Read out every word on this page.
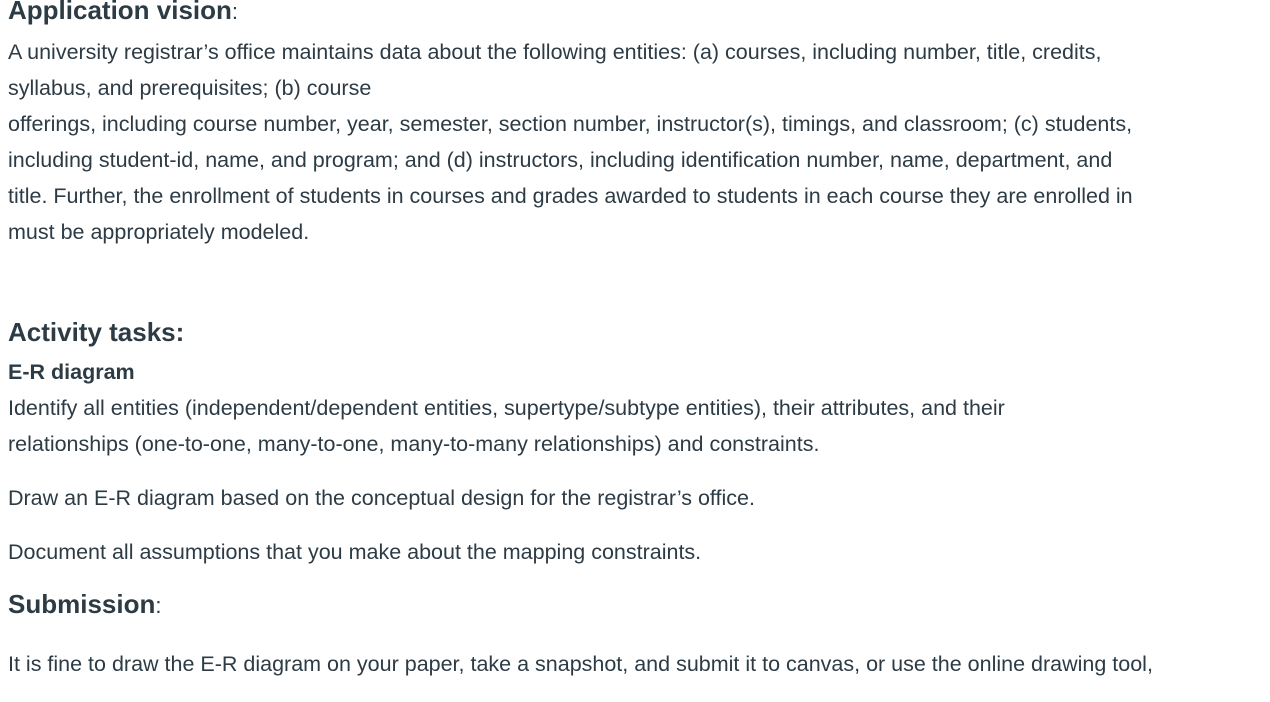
Application vision:

A university registrar’s office maintains data about the following entities: (a) courses, including number, title, credits,
syllabus, and prerequisites; (b) course
offerings, including course number, year, semester, section number, instructor(s), timings, and classroom; (c) students,
including student-id, name, and program; and (d) instructors, including identification number, name, department, and
title. Further, the enrollment of students in courses and grades awarded to students in each course they are enrolled in
must be appropriately modeled.

Activity tasks:
E-R diagram

Identify all entities (independent/dependent entities, supertype/subtype entities), their attributes, and their
relationships (one-to-one, many-to-one, many-to-many relationships) and constraints.

Draw an E-R diagram based on the conceptual design for the registrar’s office.

Document all assumptions that you make about the mapping constraints.

Submission:

It is fine to draw the E-R diagram on your paper, take a snapshot, and submit it to canvas, or use the online drawing tool,
